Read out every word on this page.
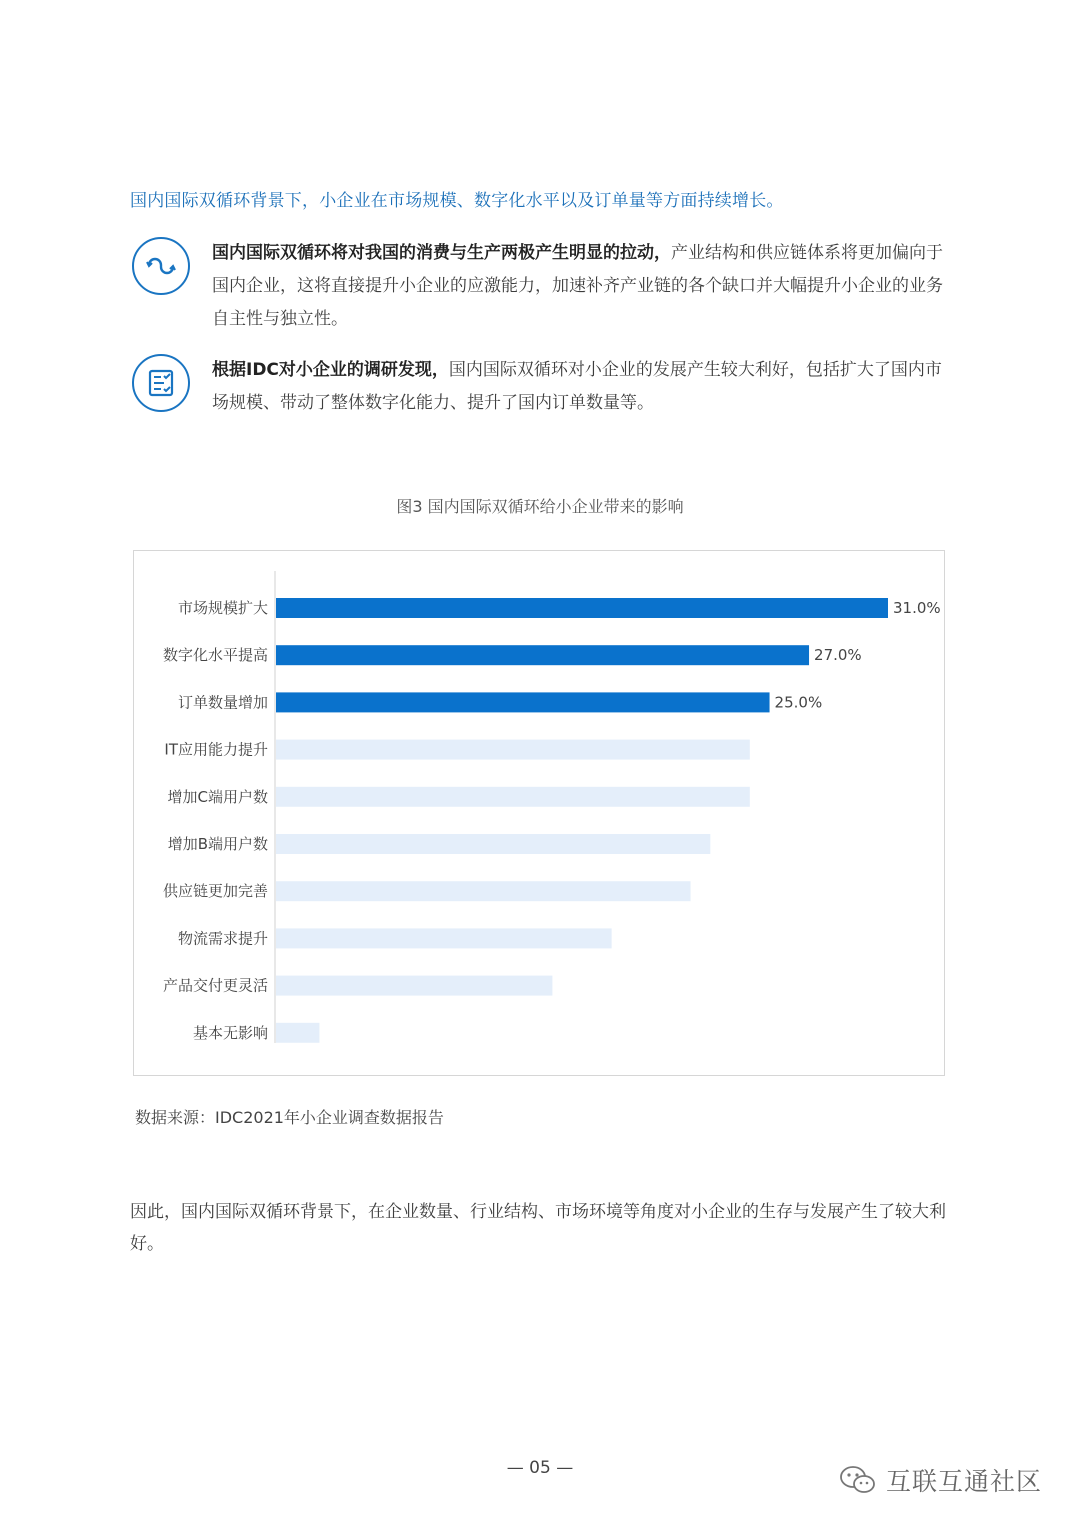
国内国际双循环背景下，小企业在市场规模、数字化水平以及订单量等方面持续增长。
国内国际双循环将对我国的消费与生产两极产生明显的拉动，产业结构和供应链体系将更加偏向于国内企业，这将直接提升小企业的应激能力，加速补齐产业链的各个缺口并大幅提升小企业的业务自主性与独立性。
根据IDC对小企业的调研发现，国内国际双循环对小企业的发展产生较大利好，包括扩大了国内市场规模、带动了整体数字化能力、提升了国内订单数量等。
图3 国内国际双循环给小企业带来的影响
市场规模扩大	31.0%
数字化水平提高	27.0%
订单数量增加	25.0%
IT应用能力提升
增加C端用户数
增加B端用户数
供应链更加完善
物流需求提升
产品交付更灵活
基本无影响
数据来源：IDC2021年小企业调查数据报告
因此，国内国际双循环背景下，在企业数量、行业结构、市场环境等角度对小企业的生存与发展产生了较大利好。
— 05 —	互联互通社区
